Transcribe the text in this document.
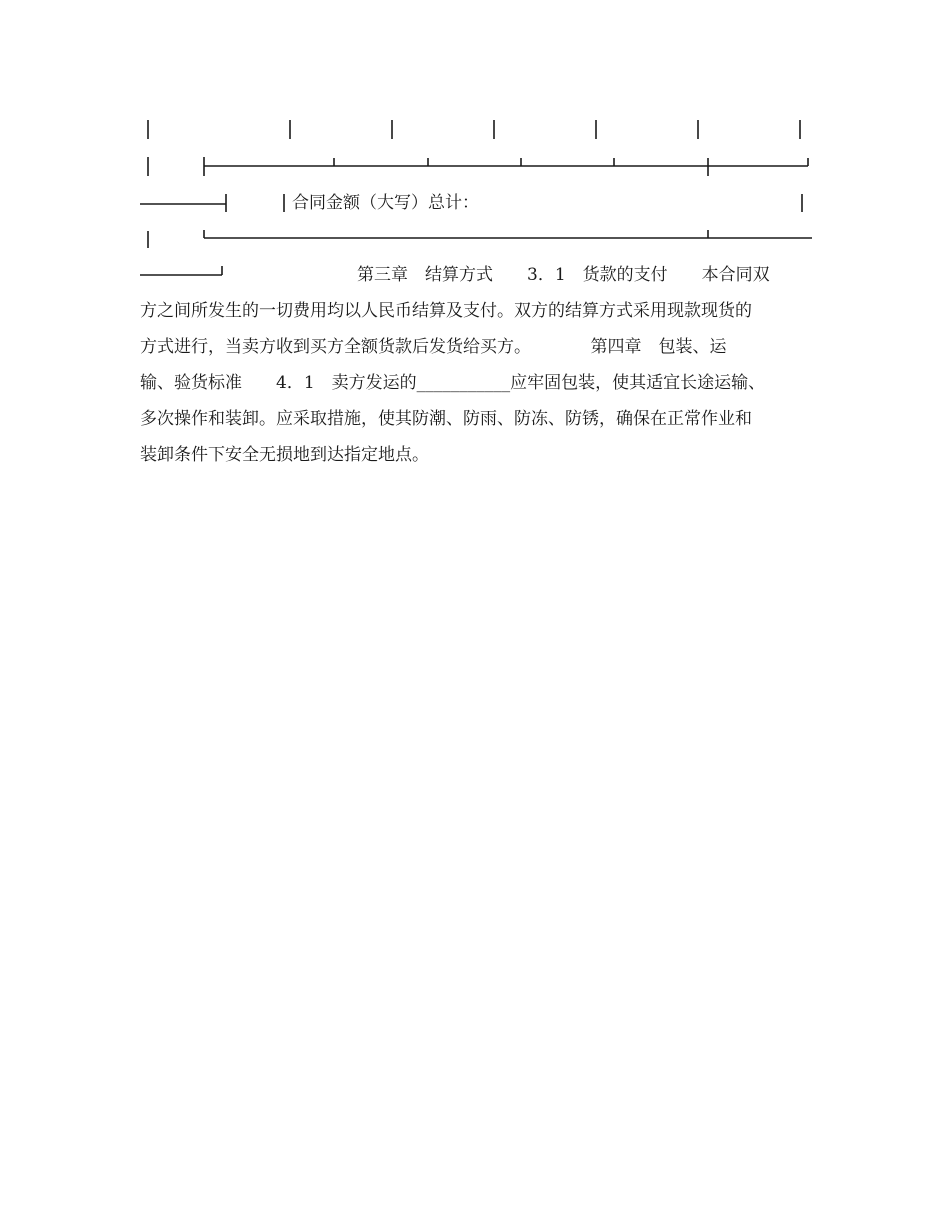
合同金额（大写）总计：
第三章　结算方式　　3．1　货款的支付　　本合同双
方之间所发生的一切费用均以人民币结算及支付。双方的结算方式采用现款现货的
方式进行，当卖方收到买方全额货款后发货给买方。　　　　第四章　包装、运
输、验货标准　　4．1　卖方发运的___________应牢固包装，使其适宜长途运输、
多次操作和装卸。应采取措施，使其防潮、防雨、防冻、防锈，确保在正常作业和
装卸条件下安全无损地到达指定地点。
